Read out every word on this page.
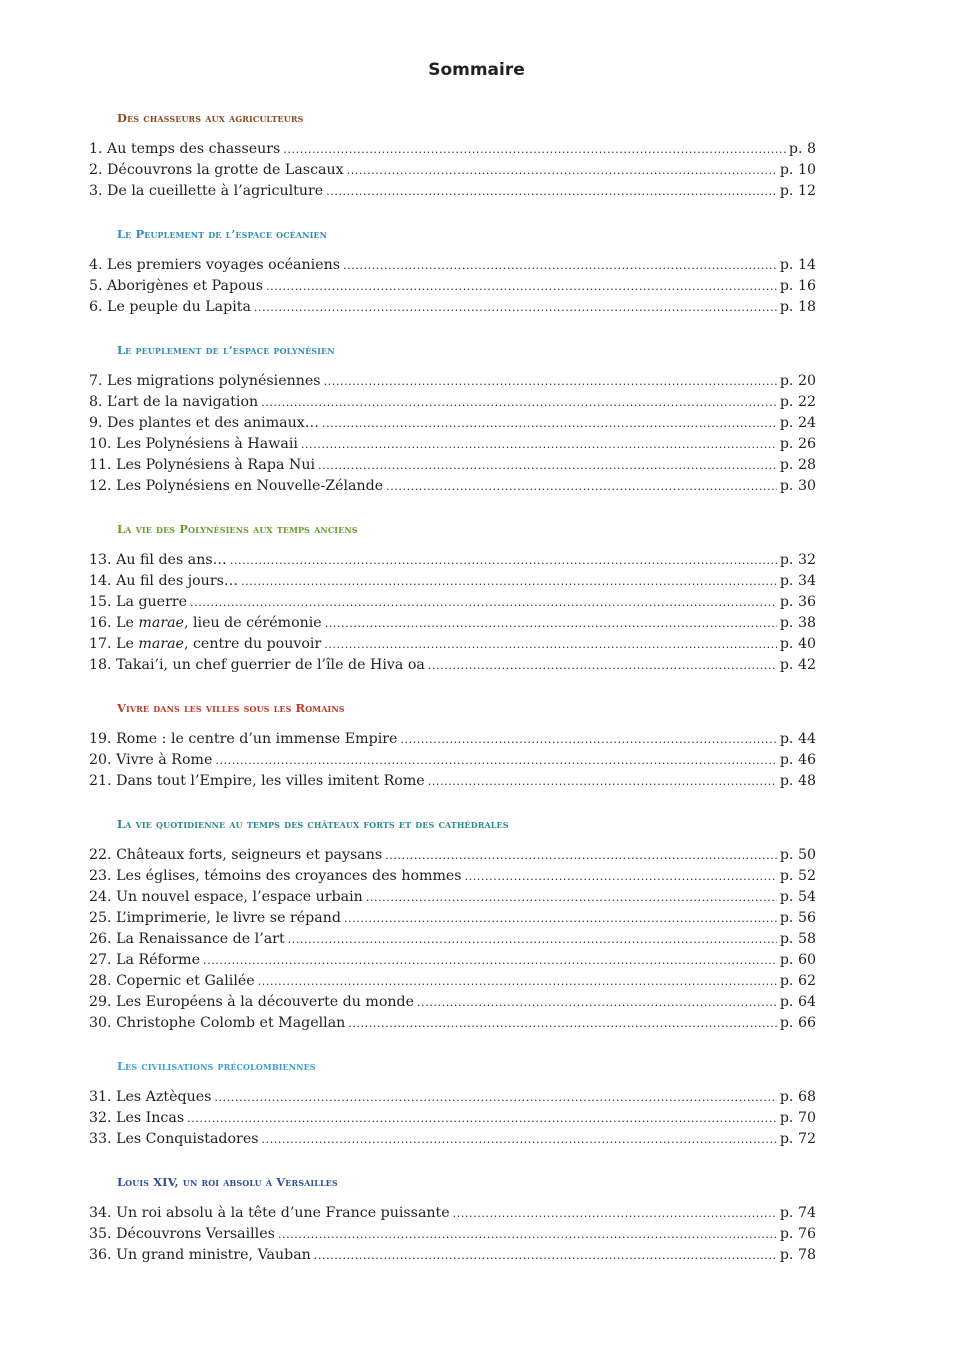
Sommaire
Des chasseurs aux agriculteurs
1. Au temps des chasseurs .....	p. 8
2. Découvrons la grotte de Lascaux .....	p. 10
3. De la cueillette à l’agriculture .....	p. 12
Le Peuplement de l’espace océanien
4. Les premiers voyages océaniens .....	p. 14
5. Aborigènes et Papous .....	p. 16
6. Le peuple du Lapita .....	p. 18
Le peuplement de l’espace polynésien
7. Les migrations polynésiennes .....	p. 20
8. L’art de la navigation .....	p. 22
9. Des plantes et des animaux… .....	p. 24
10. Les Polynésiens à Hawaii .....	p. 26
11. Les Polynésiens à Rapa Nui .....	p. 28
12. Les Polynésiens en Nouvelle-Zélande .....	p. 30
La vie des Polynésiens aux temps anciens
13. Au fil des ans… .....	p. 32
14. Au fil des jours… .....	p. 34
15. La guerre .....	p. 36
16. Le marae, lieu de cérémonie .....	p. 38
17. Le marae, centre du pouvoir .....	p. 40
18. Takai’i, un chef guerrier de l’île de Hiva oa .....	p. 42
Vivre dans les villes sous les Romains
19. Rome : le centre d’un immense Empire .....	p. 44
20. Vivre à Rome .....	p. 46
21. Dans tout l’Empire, les villes imitent Rome .....	p. 48
La vie quotidienne au temps des châteaux forts et des cathédrales
22. Châteaux forts, seigneurs et paysans .....	p. 50
23. Les églises, témoins des croyances des hommes .....	p. 52
24. Un nouvel espace, l’espace urbain .....	p. 54
25. L’imprimerie, le livre se répand .....	p. 56
26. La Renaissance de l’art .....	p. 58
27. La Réforme .....	p. 60
28. Copernic et Galilée .....	p. 62
29. Les Européens à la découverte du monde .....	p. 64
30. Christophe Colomb et Magellan .....	p. 66
Les civilisations précolombiennes
31. Les Aztèques .....	p. 68
32. Les Incas .....	p. 70
33. Les Conquistadores .....	p. 72
Louis XIV, un roi absolu à Versailles
34. Un roi absolu à la tête d’une France puissante .....	p. 74
35. Découvrons Versailles .....	p. 76
36. Un grand ministre, Vauban .....	p. 78
